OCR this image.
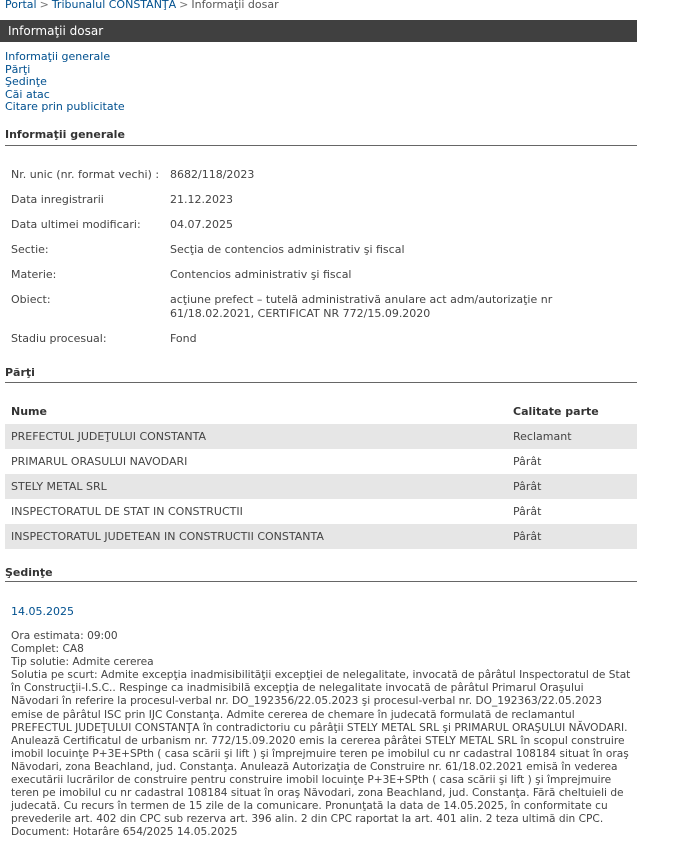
Portal > Tribunalul CONSTANŢA > Informaţii dosar
Informaţii dosar
Informaţii generale
Părţi
Şedinţe
Căi atac
Citare prin publicitate
Informaţii generale
Nr. unic (nr. format vechi) : 8682/118/2023
Data inregistrarii	21.12.2023
Data ultimei modificari:	04.07.2025
Sectie:	Secţia de contencios administrativ şi fiscal
Materie:	Contencios administrativ şi fiscal
Obiect:	acţiune prefect – tutelă administrativă anulare act adm/autorizaţie nr 61/18.02.2021, CERTIFICAT NR 772/15.09.2020
Stadiu procesual:	Fond
Părţi
Nume	Calitate parte
PREFECTUL JUDEŢULUI CONSTANTA	Reclamant
PRIMARUL ORASULUI NAVODARI	Pârât
STELY METAL SRL	Pârât
INSPECTORATUL DE STAT IN CONSTRUCTII	Pârât
INSPECTORATUL JUDETEAN IN CONSTRUCTII CONSTANTA	Pârât
Şedinţe
14.05.2025
Ora estimata: 09:00
Complet: CA8
Tip solutie: Admite cererea
Solutia pe scurt: Admite excepţia inadmisibilităţii excepţiei de nelegalitate, invocată de pârâtul Inspectoratul de Stat în Construcţii-I.S.C.. Respinge ca inadmisibilă excepţia de nelegalitate invocată de pârâtul Primarul Oraşului Năvodari în referire la procesul-verbal nr. DO_192356/22.05.2023 şi procesul-verbal nr. DO_192363/22.05.2023 emise de pârâtul ISC prin IJC Constanţa. Admite cererea de chemare în judecată formulată de reclamantul PREFECTUL JUDEŢULUI CONSTANŢA în contradictoriu cu pârâţii STELY METAL SRL şi PRIMARUL ORAŞULUI NĂVODARI. Anulează Certificatul de urbanism nr. 772/15.09.2020 emis la cererea pârâtei STELY METAL SRL în scopul construire imobil locuinţe P+3E+SPth ( casa scării şi lift ) şi împrejmuire teren pe imobilul cu nr cadastral 108184 situat în oraş Năvodari, zona Beachland, jud. Constanţa. Anulează Autorizaţia de Construire nr. 61/18.02.2021 emisă în vederea executării lucrărilor de construire pentru construire imobil locuinţe P+3E+SPth ( casa scării şi lift ) şi împrejmuire teren pe imobilul cu nr cadastral 108184 situat în oraş Năvodari, zona Beachland, jud. Constanţa. Fără cheltuieli de judecată. Cu recurs în termen de 15 zile de la comunicare. Pronunţată la data de 14.05.2025, în conformitate cu prevederile art. 402 din CPC sub rezerva art. 396 alin. 2 din CPC raportat la art. 401 alin. 2 teza ultimă din CPC.
Document: Hotarâre 654/2025 14.05.2025
